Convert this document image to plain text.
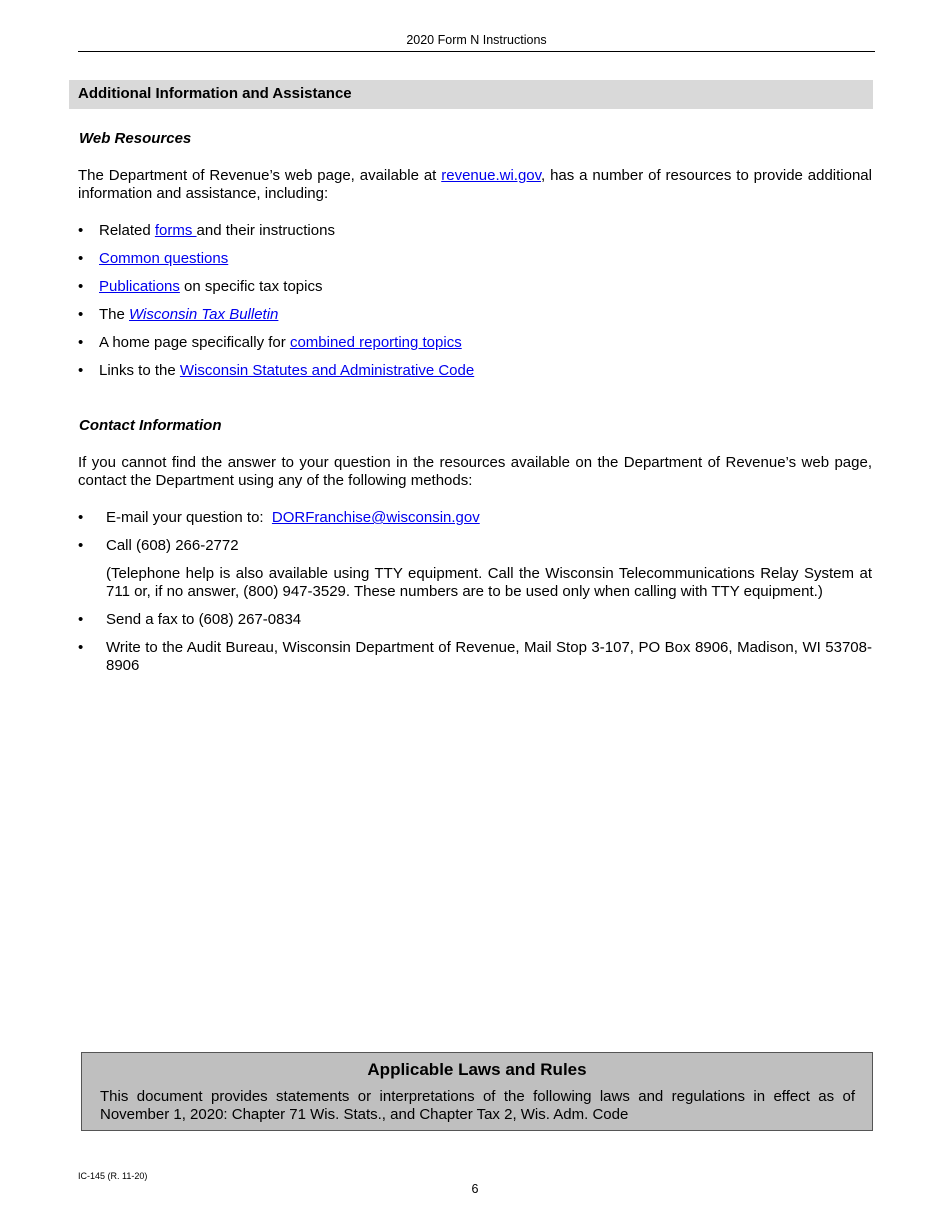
2020 Form N Instructions
Additional Information and Assistance
Web Resources
The Department of Revenue’s web page, available at revenue.wi.gov, has a number of resources to provide additional information and assistance, including:
• Related forms and their instructions
• Common questions
• Publications on specific tax topics
• The Wisconsin Tax Bulletin
• A home page specifically for combined reporting topics
• Links to the Wisconsin Statutes and Administrative Code
Contact Information
If you cannot find the answer to your question in the resources available on the Department of Revenue’s web page, contact the Department using any of the following methods:
• E-mail your question to:  DORFranchise@wisconsin.gov
• Call (608) 266-2772
(Telephone help is also available using TTY equipment. Call the Wisconsin Telecommunications Relay System at 711 or, if no answer, (800) 947-3529. These numbers are to be used only when calling with TTY equipment.)
• Send a fax to (608) 267-0834
• Write to the Audit Bureau, Wisconsin Department of Revenue, Mail Stop 3-107, PO Box 8906, Madison, WI 53708-8906
Applicable Laws and Rules
This document provides statements or interpretations of the following laws and regulations in effect as of November 1, 2020: Chapter 71 Wis. Stats., and Chapter Tax 2, Wis. Adm. Code
IC-145 (R. 11-20)
6
